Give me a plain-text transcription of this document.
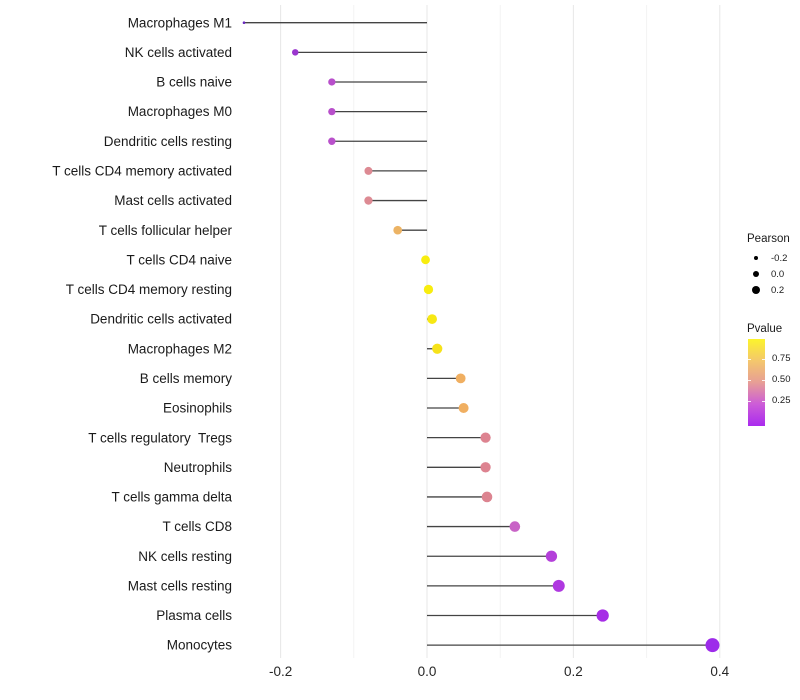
Macrophages M1
NK cells activated
B cells naive
Macrophages M0
Dendritic cells resting
T cells CD4 memory activated
Mast cells activated
T cells follicular helper
T cells CD4 naive
T cells CD4 memory resting
Dendritic cells activated
Macrophages M2
B cells memory
Eosinophils
T cells regulatory  Tregs
Neutrophils
T cells gamma delta
T cells CD8
NK cells resting
Mast cells resting
Plasma cells
Monocytes
-0.2	0.0	0.2	0.4
Pearson
-0.2
0.0
0.2
Pvalue
0.75
0.50
0.25
